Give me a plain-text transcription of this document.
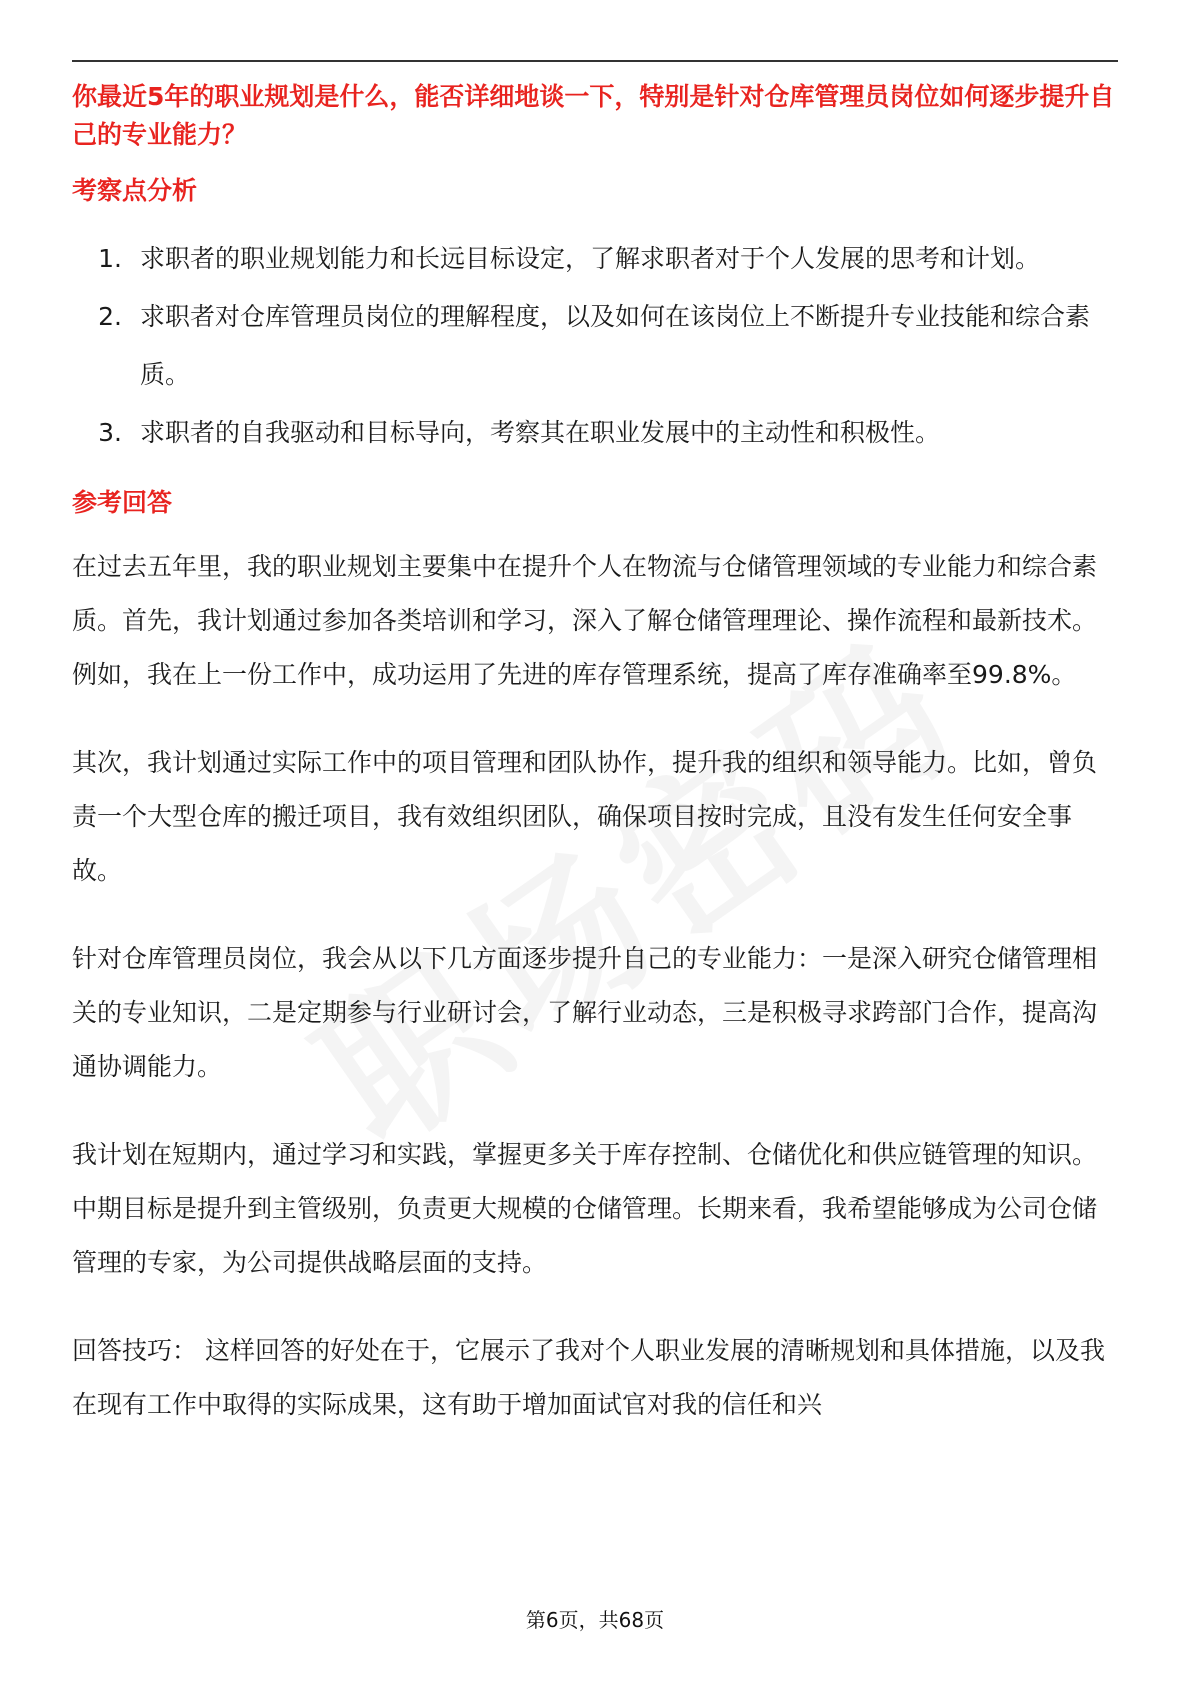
你最近5年的职业规划是什么，能否详细地谈一下，特别是针对仓库管理员岗位如何逐步提升自己的专业能力？

考察点分析

1. 求职者的职业规划能力和长远目标设定，了解求职者对于个人发展的思考和计划。
2. 求职者对仓库管理员岗位的理解程度，以及如何在该岗位上不断提升专业技能和综合素质。
3. 求职者的自我驱动和目标导向，考察其在职业发展中的主动性和积极性。

参考回答

在过去五年里，我的职业规划主要集中在提升个人在物流与仓储管理领域的专业能力和综合素质。首先，我计划通过参加各类培训和学习，深入了解仓储管理理论、操作流程和最新技术。例如，我在上一份工作中，成功运用了先进的库存管理系统，提高了库存准确率至99.8%。

其次，我计划通过实际工作中的项目管理和团队协作，提升我的组织和领导能力。比如，曾负责一个大型仓库的搬迁项目，我有效组织团队，确保项目按时完成，且没有发生任何安全事故。

针对仓库管理员岗位，我会从以下几方面逐步提升自己的专业能力：一是深入研究仓储管理相关的专业知识，二是定期参与行业研讨会，了解行业动态，三是积极寻求跨部门合作，提高沟通协调能力。

我计划在短期内，通过学习和实践，掌握更多关于库存控制、仓储优化和供应链管理的知识。中期目标是提升到主管级别，负责更大规模的仓储管理。长期来看，我希望能够成为公司仓储管理的专家，为公司提供战略层面的支持。

回答技巧： 这样回答的好处在于，它展示了我对个人职业发展的清晰规划和具体措施，以及我在现有工作中取得的实际成果，这有助于增加面试官对我的信任和兴

第6页，共68页
